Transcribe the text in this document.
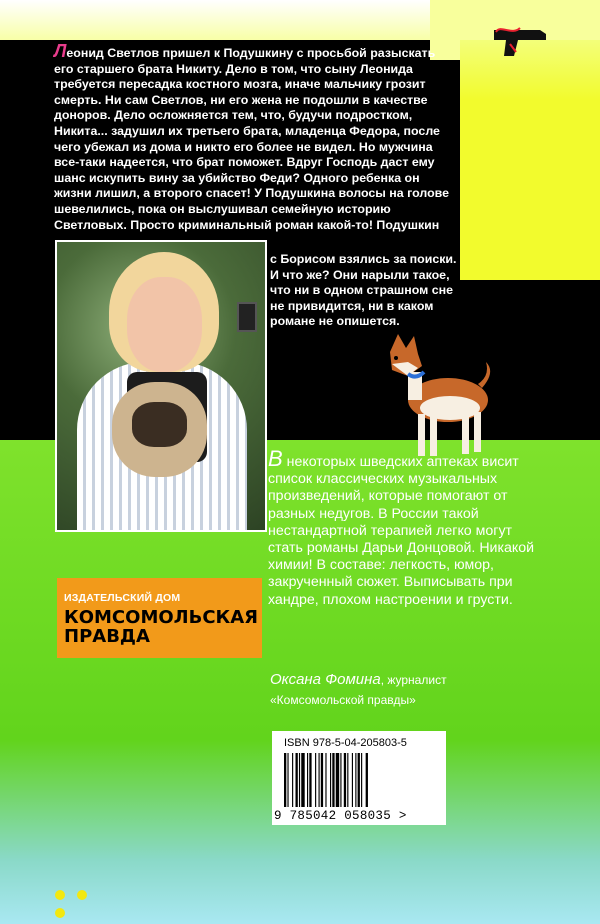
Леонид Светлов пришел к Подушкину с просьбой разыскать его старшего брата Никиту. Дело в том, что сыну Леонида требуется пересадка костного мозга, иначе мальчику грозит смерть. Ни сам Светлов, ни его жена не подошли в качестве доноров. Дело осложняется тем, что, будучи подростком, Никита... задушил их третьего брата, младенца Федора, после чего убежал из дома и никто его более не видел. Но мужчина все-таки надеется, что брат поможет. Вдруг Господь даст ему шанс искупить вину за убийство Феди? Одного ребенка он жизни лишил, а второго спасет! У Подушкина волосы на голове шевелились, пока он выслушивал семейную историю Светловых. Просто криминальный роман какой-то! Подушкин
с Борисом взялись за поиски. И что же? Они нарыли такое, что ни в одном страшном сне не привидится, ни в каком романе не опишется.
В некоторых шведских аптеках висит список классических музыкальных произведений, которые помогают от разных недугов. В России такой нестандартной терапией легко могут стать романы Дарьи Донцовой. Никакой химии! В составе: легкость, юмор, закрученный сюжет. Выписывать при хандре, плохом настроении и грусти.
Оксана Фомина, журналист
«Комсомольской правды»
ИЗДАТЕЛЬСКИЙ ДОМ
КОМСОМОЛЬСКАЯ
ПРАВДА
ISBN 978-5-04-205803-5
9 785042 058035 >
